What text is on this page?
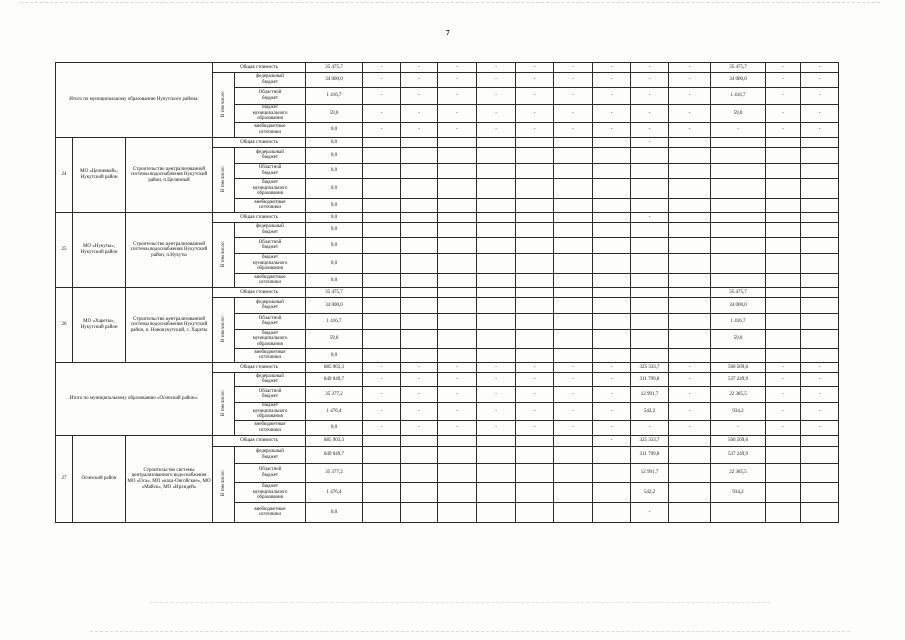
7
Итого по муниципальному образованию Нукутского района:			Общая стоимость		35 475,7	-	-	-	-	-	-	-	-	-	35 475,7	-	-
			В том числе:	федеральный бюджет	34 000,0	-	-	-	-	-	-	-	-	-	34 000,0	-	-
				Областной бюджет	1 416,7	-	-	-	-	-	-	-	-	-	1 416,7	-	-
				бюджет муниципального образования	59,0	-	-	-	-	-	-	-	-	-	59,0	-	-
				внебюджетные источники	0,0	-	-	-	-	-	-	-	-	-	-	-	-
24	МО «Целинный», Нукутский район	Строительство централизованной системы водоснабжения Нукутский район, п.Целинный	Общая стоимость		0,0								-				
			В том числе:	федеральный бюджет	0,0												
				Областной бюджет	0,0												
				бюджет муниципального образования	0,0												
				внебюджетные источники	0,0												
25	МО «Нукуты», Нукутский район	Строительство централизованной системы водоснабжения Нукутский район, п.Нукуты	Общая стоимость		0,0								-				
			В том числе:	федеральный бюджет	0,0												
				Областной бюджет	0,0												
				бюджет муниципального образования	0,0												
				внебюджетные источники	0,0												
26	МО «Хареты», Нукутский район	Строительство централизованной системы водоснабжения Нукутский район, п. Новонукутский, с. Хареты	Общая стоимость		35 475,7										35 475,7		
			В том числе:	федеральный бюджет	34 000,0										34 000,0		
				Областной бюджет	1 416,7										1 416,7		
				бюджет муниципального образования	59,0										59,0		
				внебюджетные источники	0,0												
Итого по муниципальному образованию «Осинский район»:			Общая стоимость		885 903,3	-	-	-	-	-	-	-	325 333,7	-	560 569,6	-	-
			В том числе:	федеральный бюджет	849 049,7	-	-	-	-	-	-	-	311 799,8	-	537 249,9	-	-
				Областной бюджет	35 377,2	-	-	-	-	-	-	-	12 991,7	-	22 385,5	-	-
				бюджет муниципального образования	1 476,4	-	-	-	-	-	-	-	542,2	-	934,2	-	-
				внебюджетные источники	0,0	-	-	-	-	-	-	-	-	-	-	-	-
27	Осинский район	Строительство системы централизованного водоснабжения МО «Оса», МО «каха-Онгойское», МО «Майск», МО «Ирхидей»	Общая стоимость		885 903,3							-	325 333,7		560 569,6		
			В том числе:	федеральный бюджет	849 049,7								311 799,8		537 249,9		
				Областной бюджет	35 377,2								12 991,7		22 385,5		
				бюджет муниципального образования	1 476,4								542,2		934,2		
				внебюджетные источники	0,0								-				
